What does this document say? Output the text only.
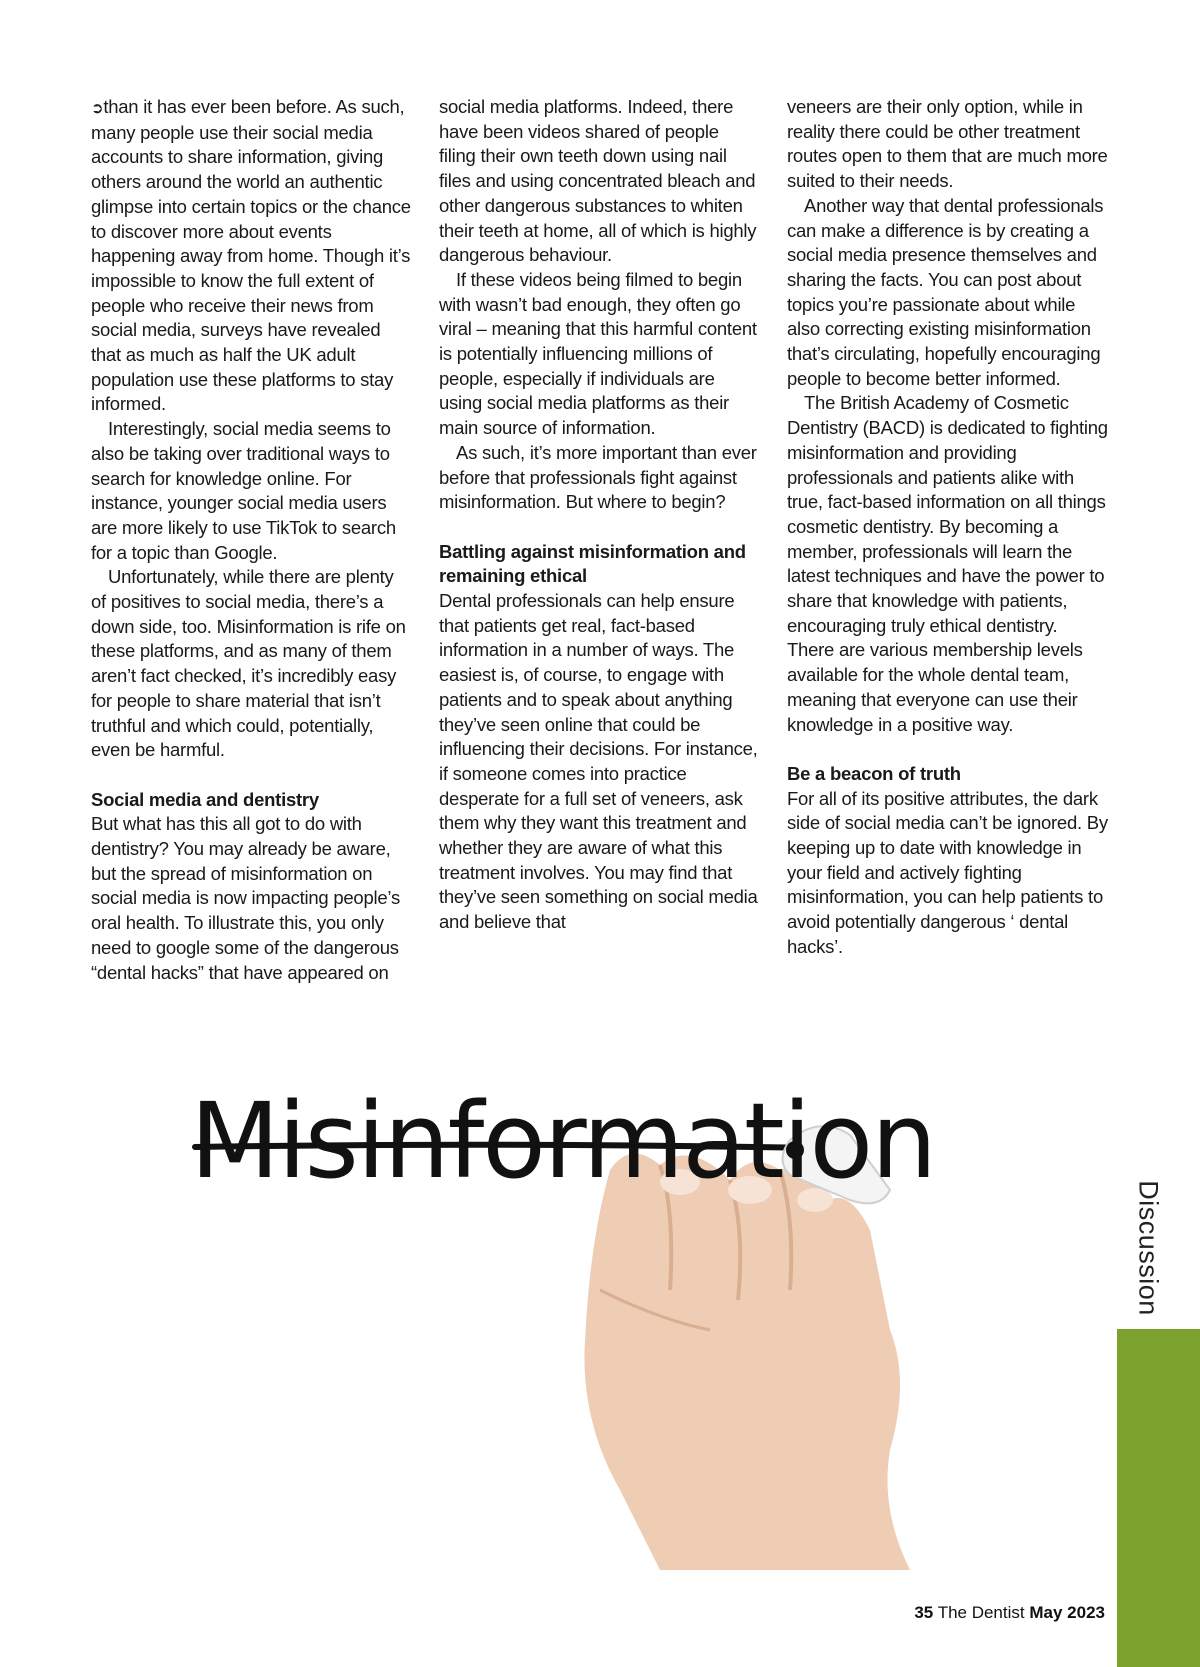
➲than it has ever been before. As such, many people use their social media accounts to share information, giving others around the world an authentic glimpse into certain topics or the chance to discover more about events happening away from home. Though it’s impossible to know the full extent of people who receive their news from social media, surveys have revealed that as much as half the UK adult population use these platforms to stay informed.

Interestingly, social media seems to also be taking over traditional ways to search for knowledge online. For instance, younger social media users are more likely to use TikTok to search for a topic than Google.

Unfortunately, while there are plenty of positives to social media, there’s a down side, too. Misinformation is rife on these platforms, and as many of them aren’t fact checked, it’s incredibly easy for people to share material that isn’t truthful and which could, potentially, even be harmful.

Social media and dentistry

But what has this all got to do with dentistry? You may already be aware, but the spread of misinformation on social media is now impacting people’s oral health. To illustrate this, you only need to google some of the dangerous “dental hacks” that have appeared on

social media platforms. Indeed, there have been videos shared of people filing their own teeth down using nail files and using concentrated bleach and other dangerous substances to whiten their teeth at home, all of which is highly dangerous behaviour.

If these videos being filmed to begin with wasn’t bad enough, they often go viral – meaning that this harmful content is potentially influencing millions of people, especially if individuals are using social media platforms as their main source of information.

As such, it’s more important than ever before that professionals fight against misinformation. But where to begin?

Battling against misinformation and remaining ethical

Dental professionals can help ensure that patients get real, fact-based information in a number of ways. The easiest is, of course, to engage with patients and to speak about anything they’ve seen online that could be influencing their decisions. For instance, if someone comes into practice desperate for a full set of veneers, ask them why they want this treatment and whether they are aware of what this treatment involves. You may find that they’ve seen something on social media and believe that

veneers are their only option, while in reality there could be other treatment routes open to them that are much more suited to their needs.

Another way that dental professionals can make a difference is by creating a social media presence themselves and sharing the facts. You can post about topics you’re passionate about while also correcting existing misinformation that’s circulating, hopefully encouraging people to become better informed.

The British Academy of Cosmetic Dentistry (BACD) is dedicated to fighting misinformation and providing professionals and patients alike with true, fact-based information on all things cosmetic dentistry. By becoming a member, professionals will learn the latest techniques and have the power to share that knowledge with patients, encouraging truly ethical dentistry. There are various membership levels available for the whole dental team, meaning that everyone can use their knowledge in a positive way.

Be a beacon of truth

For all of its positive attributes, the dark side of social media can’t be ignored. By keeping up to date with knowledge in your field and actively fighting misinformation, you can help patients to avoid potentially dangerous ‘ dental hacks’.

Misinformation
Discussion
35 The Dentist May 2023
